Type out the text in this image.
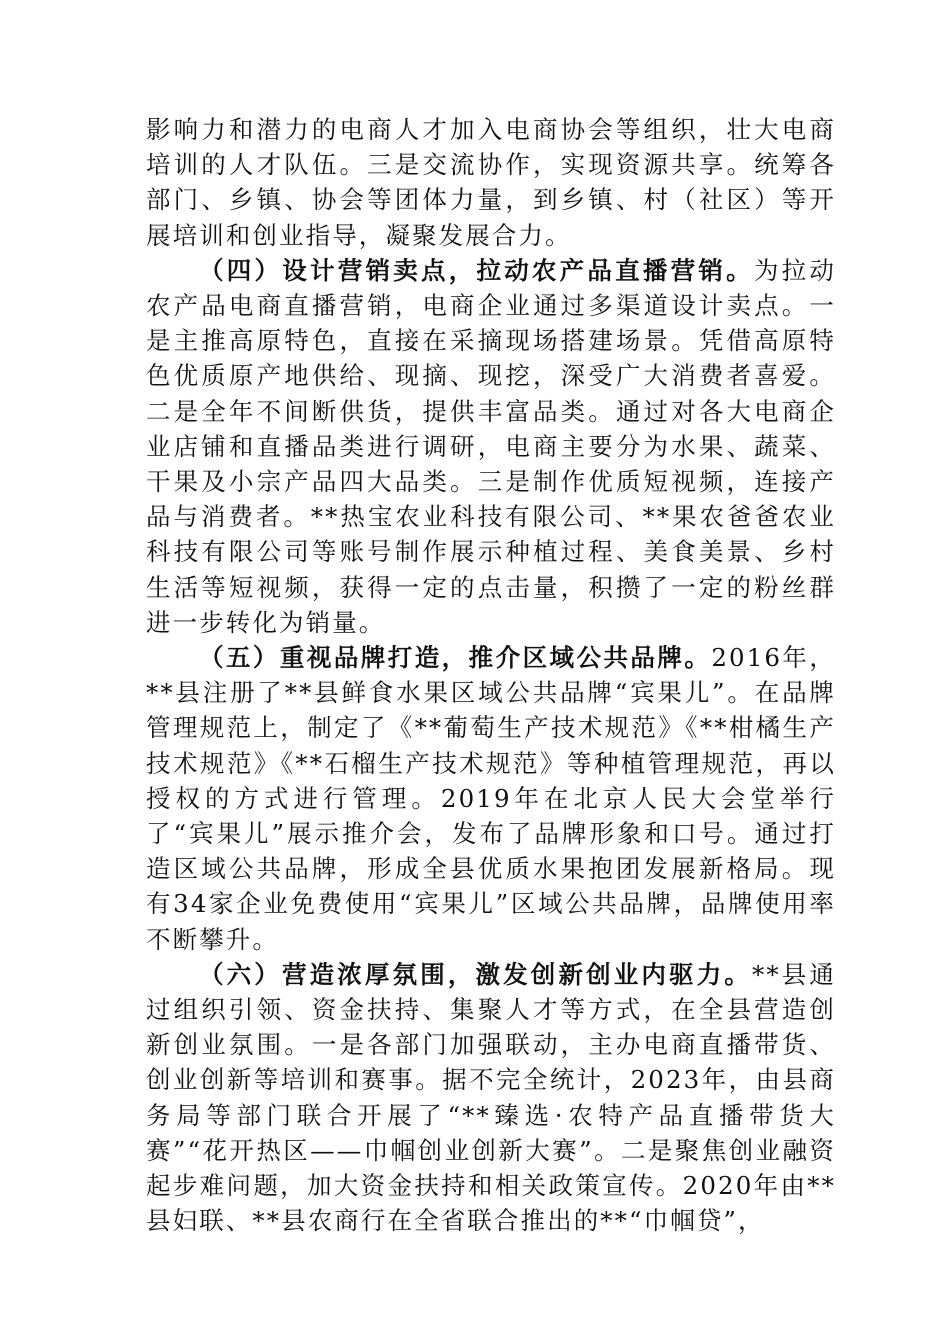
影响力和潜力的电商人才加入电商协会等组织，壮大电商培训的人才队伍。三是交流协作，实现资源共享。统筹各部门、乡镇、协会等团体力量，到乡镇、村（社区）等开展培训和创业指导，凝聚发展合力。

（四）设计营销卖点，拉动农产品直播营销。为拉动农产品电商直播营销，电商企业通过多渠道设计卖点。一是主推高原特色，直接在采摘现场搭建场景。凭借高原特色优质原产地供给、现摘、现挖，深受广大消费者喜爱。二是全年不间断供货，提供丰富品类。通过对各大电商企业店铺和直播品类进行调研，电商主要分为水果、蔬菜、干果及小宗产品四大品类。三是制作优质短视频，连接产品与消费者。**热宝农业科技有限公司、**果农爸爸农业科技有限公司等账号制作展示种植过程、美食美景、乡村生活等短视频，获得一定的点击量，积攒了一定的粉丝群进一步转化为销量。

（五）重视品牌打造，推介区域公共品牌。2016年，**县注册了**县鲜食水果区域公共品牌“宾果儿”。在品牌管理规范上，制定了《**葡萄生产技术规范》《**柑橘生产技术规范》《**石榴生产技术规范》等种植管理规范，再以授权的方式进行管理。2019年在北京人民大会堂举行了“宾果儿”展示推介会，发布了品牌形象和口号。通过打造区域公共品牌，形成全县优质水果抱团发展新格局。现有34家企业免费使用“宾果儿”区域公共品牌，品牌使用率不断攀升。

（六）营造浓厚氛围，激发创新创业内驱力。**县通过组织引领、资金扶持、集聚人才等方式，在全县营造创新创业氛围。一是各部门加强联动，主办电商直播带货、创业创新等培训和赛事。据不完全统计，2023年，由县商务局等部门联合开展了“**臻选·农特产品直播带货大赛”“花开热区——巾帼创业创新大赛”。二是聚焦创业融资起步难问题，加大资金扶持和相关政策宣传。2020年由**县妇联、**县农商行在全省联合推出的**“巾帼贷”，
